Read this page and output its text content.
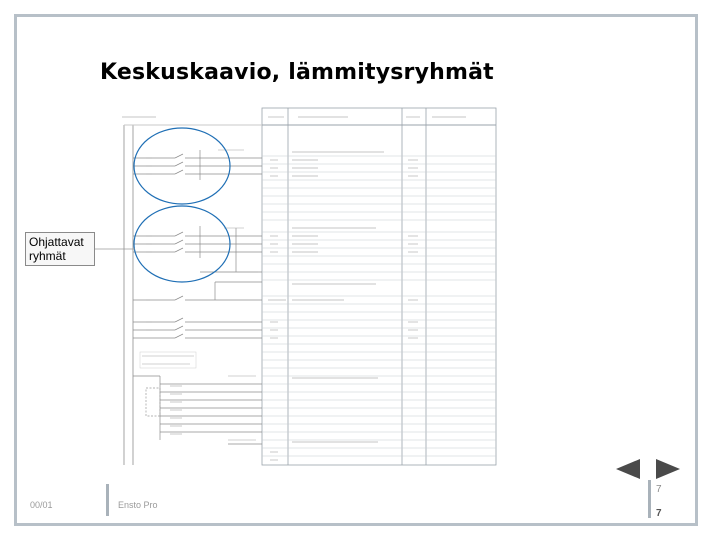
Keskuskaavio, lämmitysryhmät
Ohjattavat ryhmät
7
7
00/01	Ensto Pro
